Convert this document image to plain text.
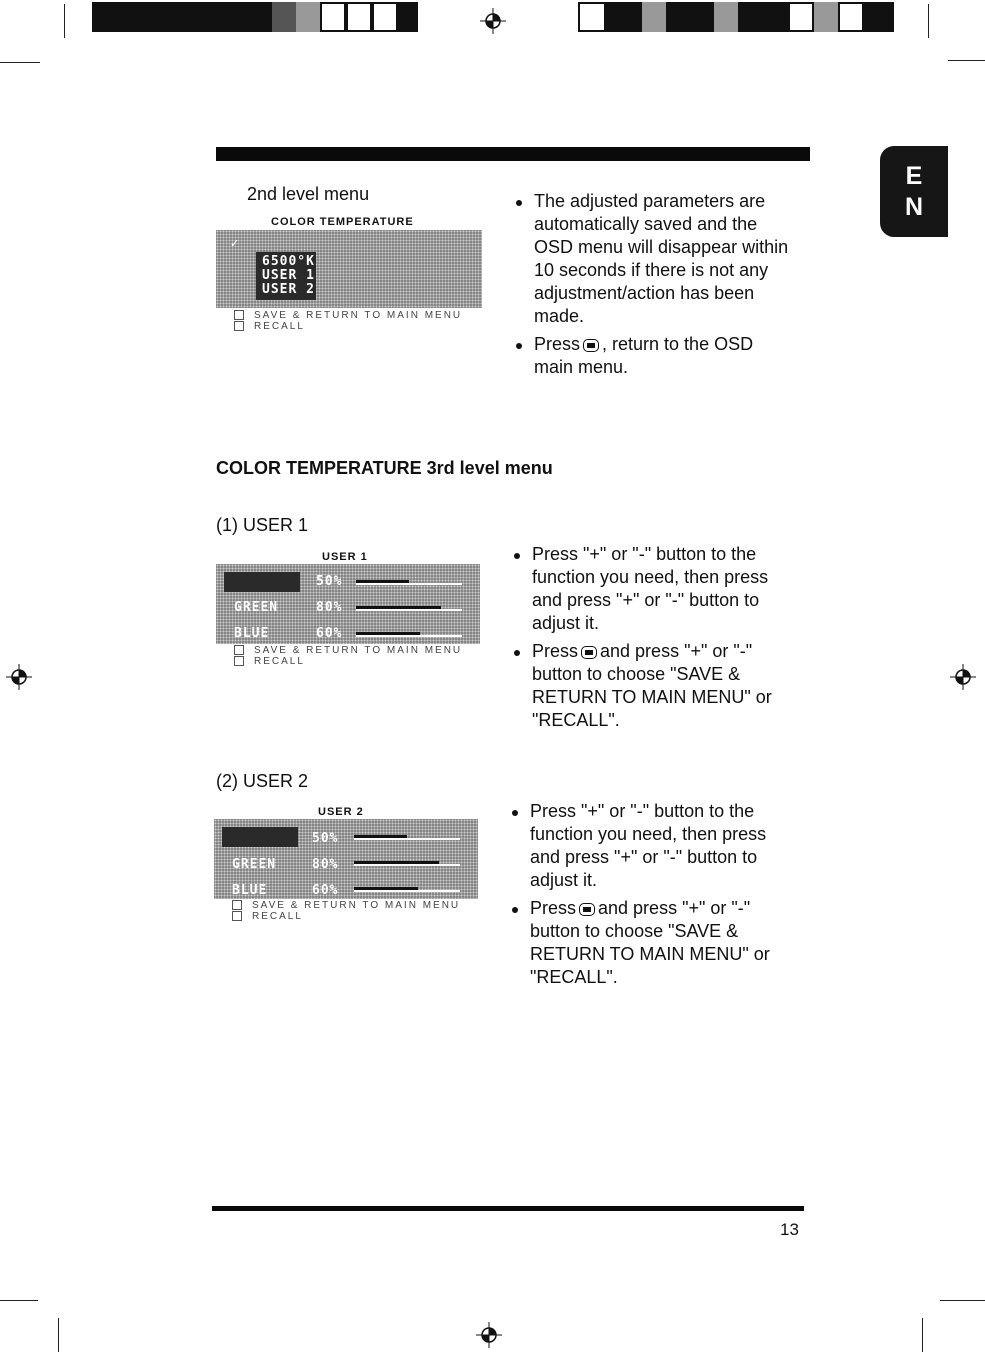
E
N
2nd level menu
COLOR TEMPERATURE
✓
6500°K
USER 1
USER 2
SAVE & RETURN TO MAIN MENU
RECALL
The adjusted parameters are automatically saved and the OSD menu will disappear within 10 seconds if there is not any adjustment/action has been made.
Press , return to the OSD main menu.
COLOR TEMPERATURE 3rd level menu
(1) USER 1
USER 1
RED
GREEN
BLUE
50%
80%
60%
SAVE & RETURN TO MAIN MENU
RECALL
Press "+" or "-" button to the function you need, then press and press "+" or "-" button to adjust it.
Press and press "+" or "-" button to choose "SAVE & RETURN TO MAIN MENU" or "RECALL".
(2) USER 2
USER 2
RED
GREEN
BLUE
50%
80%
60%
SAVE & RETURN TO MAIN MENU
RECALL
Press "+" or "-" button to the function you need, then press and press "+" or "-" button to adjust it.
Press and press "+" or "-" button to choose "SAVE & RETURN TO MAIN MENU" or "RECALL".
13
